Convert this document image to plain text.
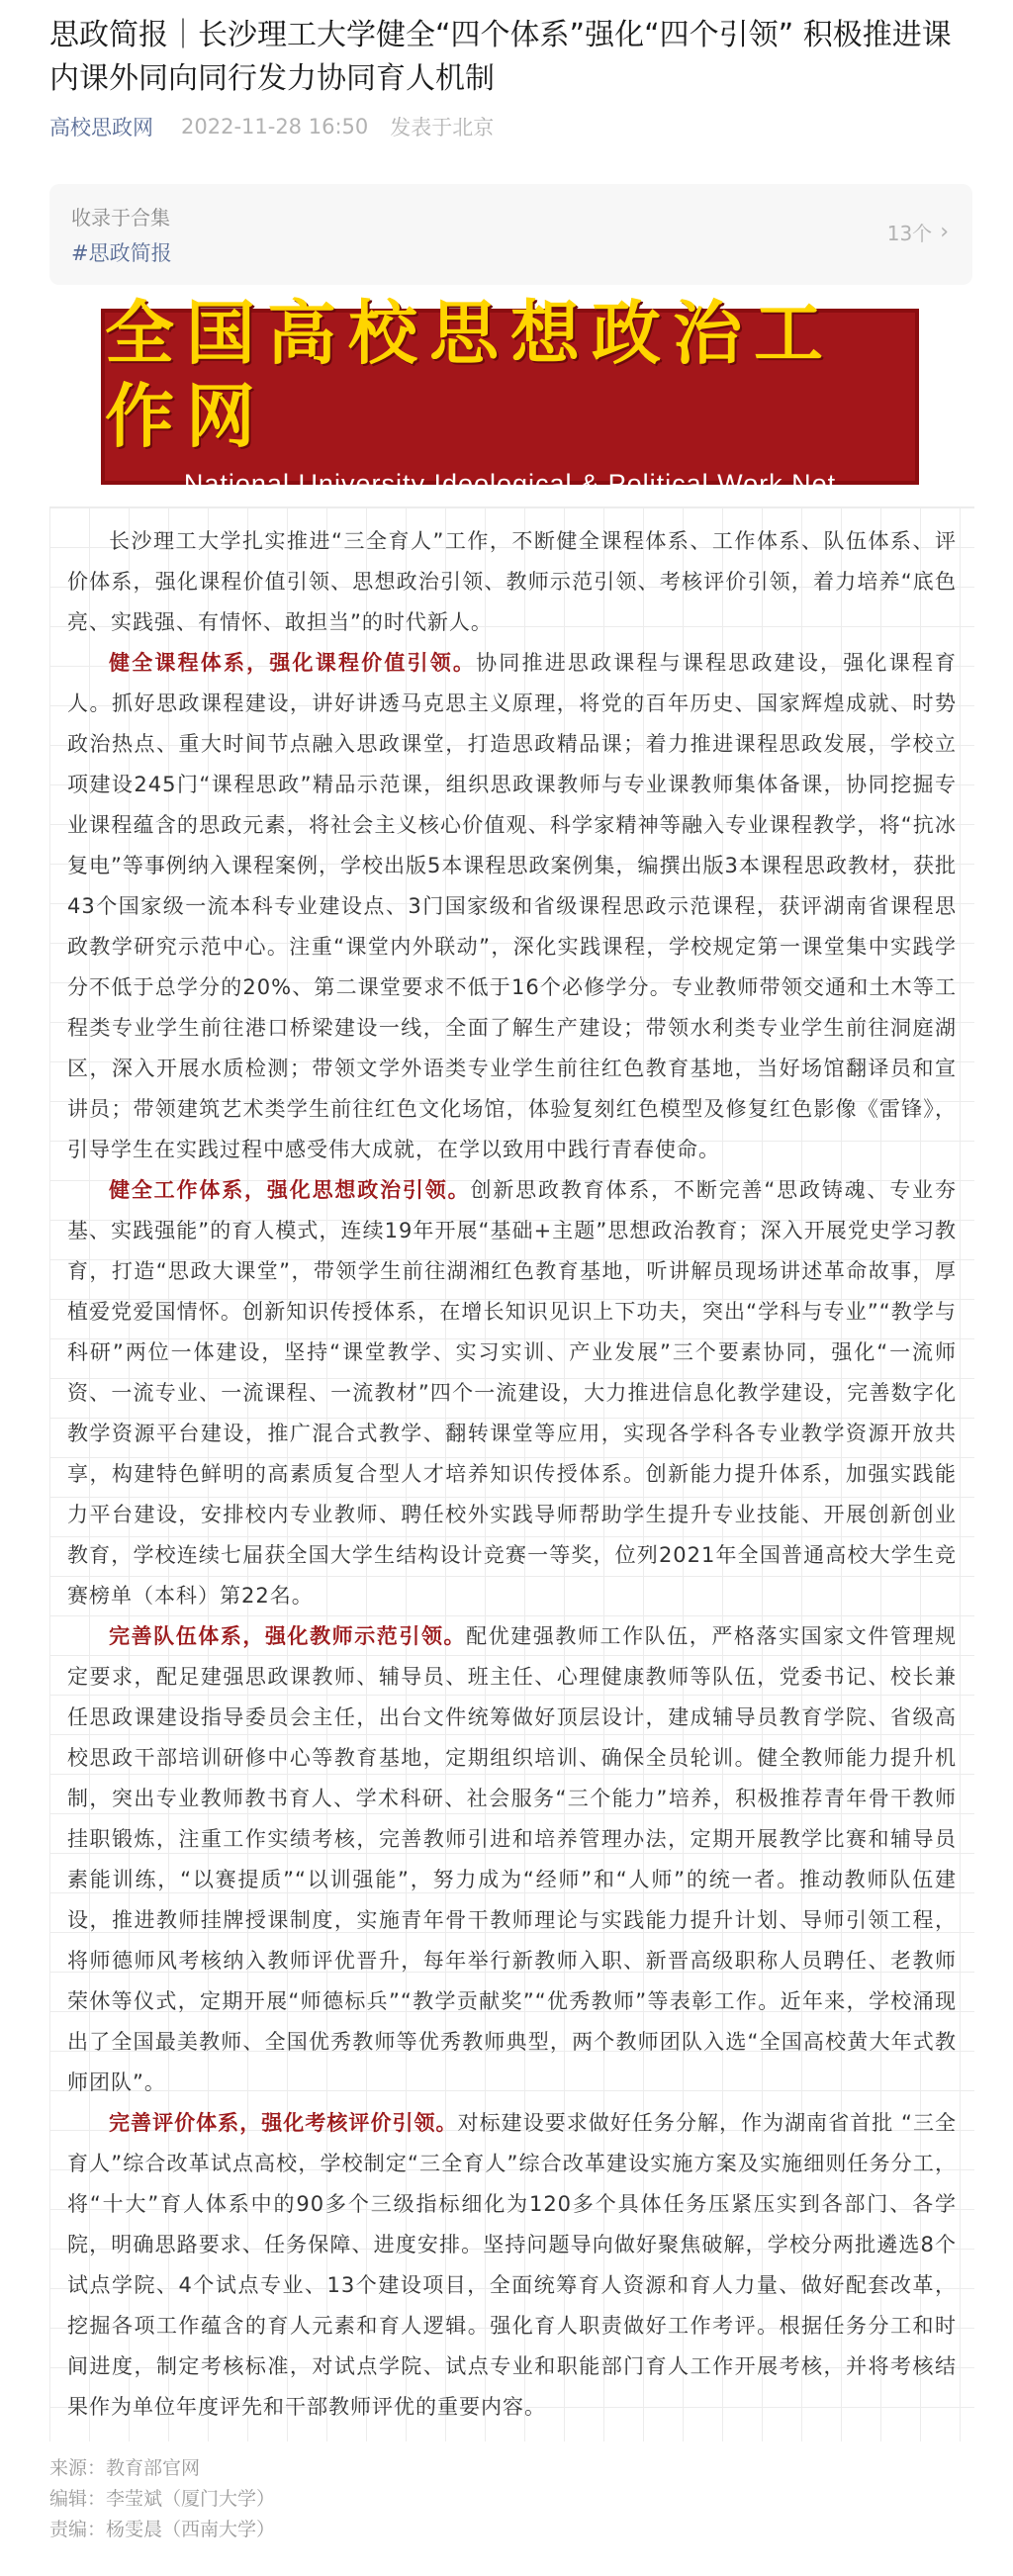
思政简报｜长沙理工大学健全“四个体系”强化“四个引领” 积极推进课内课外同向同行发力协同育人机制
高校思政网 2022-11-28 16:50 发表于北京
收录于合集
#思政简报
13个 ›
全国高校思想政治工作网
National University Ideological & Political Work Net

长沙理工大学扎实推进“三全育人”工作，不断健全课程体系、工作体系、队伍体系、评价体系，强化课程价值引领、思想政治引领、教师示范引领、考核评价引领，着力培养“底色亮、实践强、有情怀、敢担当”的时代新人。

健全课程体系，强化课程价值引领。协同推进思政课程与课程思政建设，强化课程育人。抓好思政课程建设，讲好讲透马克思主义原理，将党的百年历史、国家辉煌成就、时势政治热点、重大时间节点融入思政课堂，打造思政精品课；着力推进课程思政发展，学校立项建设245门“课程思政”精品示范课，组织思政课教师与专业课教师集体备课，协同挖掘专业课程蕴含的思政元素，将社会主义核心价值观、科学家精神等融入专业课程教学，将“抗冰复电”等事例纳入课程案例，学校出版5本课程思政案例集，编撰出版3本课程思政教材，获批43个国家级一流本科专业建设点、3门国家级和省级课程思政示范课程，获评湖南省课程思政教学研究示范中心。注重“课堂内外联动”，深化实践课程，学校规定第一课堂集中实践学分不低于总学分的20%、第二课堂要求不低于16个必修学分。专业教师带领交通和土木等工程类专业学生前往港口桥梁建设一线，全面了解生产建设；带领水利类专业学生前往洞庭湖区，深入开展水质检测；带领文学外语类专业学生前往红色教育基地，当好场馆翻译员和宣讲员；带领建筑艺术类学生前往红色文化场馆，体验复刻红色模型及修复红色影像《雷锋》，引导学生在实践过程中感受伟大成就，在学以致用中践行青春使命。

健全工作体系，强化思想政治引领。创新思政教育体系，不断完善“思政铸魂、专业夯基、实践强能”的育人模式，连续19年开展“基础+主题”思想政治教育；深入开展党史学习教育，打造“思政大课堂”，带领学生前往湖湘红色教育基地，听讲解员现场讲述革命故事，厚植爱党爱国情怀。创新知识传授体系，在增长知识见识上下功夫，突出“学科与专业”“教学与科研”两位一体建设，坚持“课堂教学、实习实训、产业发展”三个要素协同，强化“一流师资、一流专业、一流课程、一流教材”四个一流建设，大力推进信息化教学建设，完善数字化教学资源平台建设，推广混合式教学、翻转课堂等应用，实现各学科各专业教学资源开放共享，构建特色鲜明的高素质复合型人才培养知识传授体系。创新能力提升体系，加强实践能力平台建设，安排校内专业教师、聘任校外实践导师帮助学生提升专业技能、开展创新创业教育，学校连续七届获全国大学生结构设计竞赛一等奖，位列2021年全国普通高校大学生竞赛榜单（本科）第22名。

完善队伍体系，强化教师示范引领。配优建强教师工作队伍，严格落实国家文件管理规定要求，配足建强思政课教师、辅导员、班主任、心理健康教师等队伍，党委书记、校长兼任思政课建设指导委员会主任，出台文件统筹做好顶层设计，建成辅导员教育学院、省级高校思政干部培训研修中心等教育基地，定期组织培训、确保全员轮训。健全教师能力提升机制，突出专业教师教书育人、学术科研、社会服务“三个能力”培养，积极推荐青年骨干教师挂职锻炼，注重工作实绩考核，完善教师引进和培养管理办法，定期开展教学比赛和辅导员素能训练，“以赛提质”“以训强能”，努力成为“经师”和“人师”的统一者。推动教师队伍建设，推进教师挂牌授课制度，实施青年骨干教师理论与实践能力提升计划、导师引领工程，将师德师风考核纳入教师评优晋升，每年举行新教师入职、新晋高级职称人员聘任、老教师荣休等仪式，定期开展“师德标兵”“教学贡献奖”“优秀教师”等表彰工作。近年来，学校涌现出了全国最美教师、全国优秀教师等优秀教师典型，两个教师团队入选“全国高校黄大年式教师团队”。

完善评价体系，强化考核评价引领。对标建设要求做好任务分解，作为湖南省首批 “三全育人”综合改革试点高校，学校制定“三全育人”综合改革建设实施方案及实施细则任务分工，将“十大”育人体系中的90多个三级指标细化为120多个具体任务压紧压实到各部门、各学院，明确思路要求、任务保障、进度安排。坚持问题导向做好聚焦破解，学校分两批遴选8个试点学院、4个试点专业、13个建设项目，全面统筹育人资源和育人力量、做好配套改革，挖掘各项工作蕴含的育人元素和育人逻辑。强化育人职责做好工作考评。根据任务分工和时间进度，制定考核标准，对试点学院、试点专业和职能部门育人工作开展考核，并将考核结果作为单位年度评先和干部教师评优的重要内容。

来源：教育部官网
编辑：李莹斌（厦门大学）
责编：杨雯晨（西南大学）
